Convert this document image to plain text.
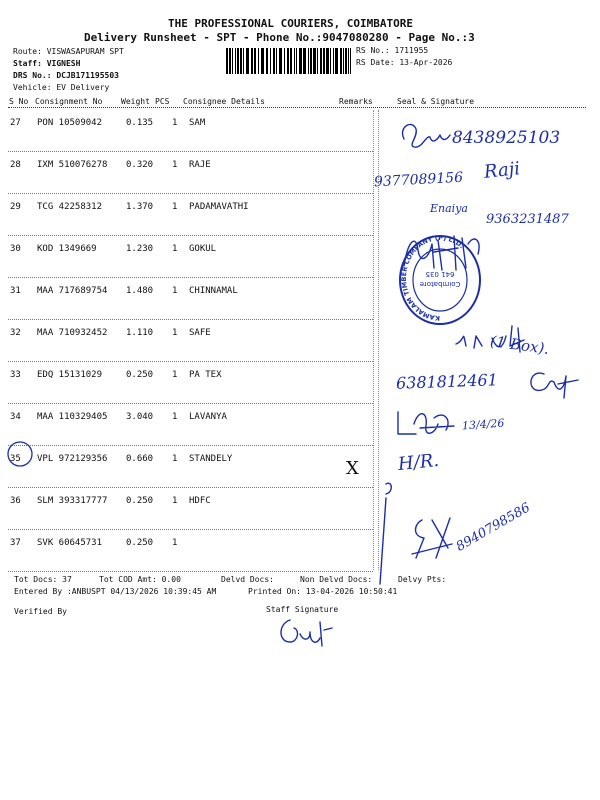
THE PROFESSIONAL COURIERS, COIMBATORE
Delivery Runsheet - SPT - Phone No.:9047080280 - Page No.:3
Route: VISWASAPURAM SPT
Staff: VIGNESH
DRS No.: DCJB171195503
Vehicle: EV Delivery
RS No.: 1711955
RS Date: 13-Apr-2026
S No Consignment No Weight PCS Consignee Details	Remarks	Seal & Signature
27 PON 10509042	0.135 1 SAM
28 IXM 510076278 0.320 1 RAJE
29 TCG 42258312	1.370 1 PADAMAVATHI
30 KOD 1349669	1.230 1 GOKUL
31 MAA 717689754 1.480 1 CHINNAMAL
32 MAA 710932452 1.110 1 SAFE
33 EDQ 15131029	0.250 1 PA TEX
34 MAA 110329405 3.040 1 LAVANYA
35 VPL 972129356 0.660 1 STANDELY
36 SLM 393317777 0.250 1 HDFC
37 SVK 60645731	0.250 1
8438925103
9377089156 Raji
Enaiya
9363231487
KAMALAM TIMBER COMPANY (P) LTD.
Coimbatore
641 035
(1 Box).
6381812461
13/4/26
X H/R.
8940798586
Tot Docs: 37	Tot COD Amt: 0.00	Delvd Docs:	Non Delvd Docs:	Delvy Pts:
Entered By :ANBUSPT 04/13/2026 10:39:45 AM	Printed On: 13-04-2026 10:50:41
Verified By	Staff Signature
